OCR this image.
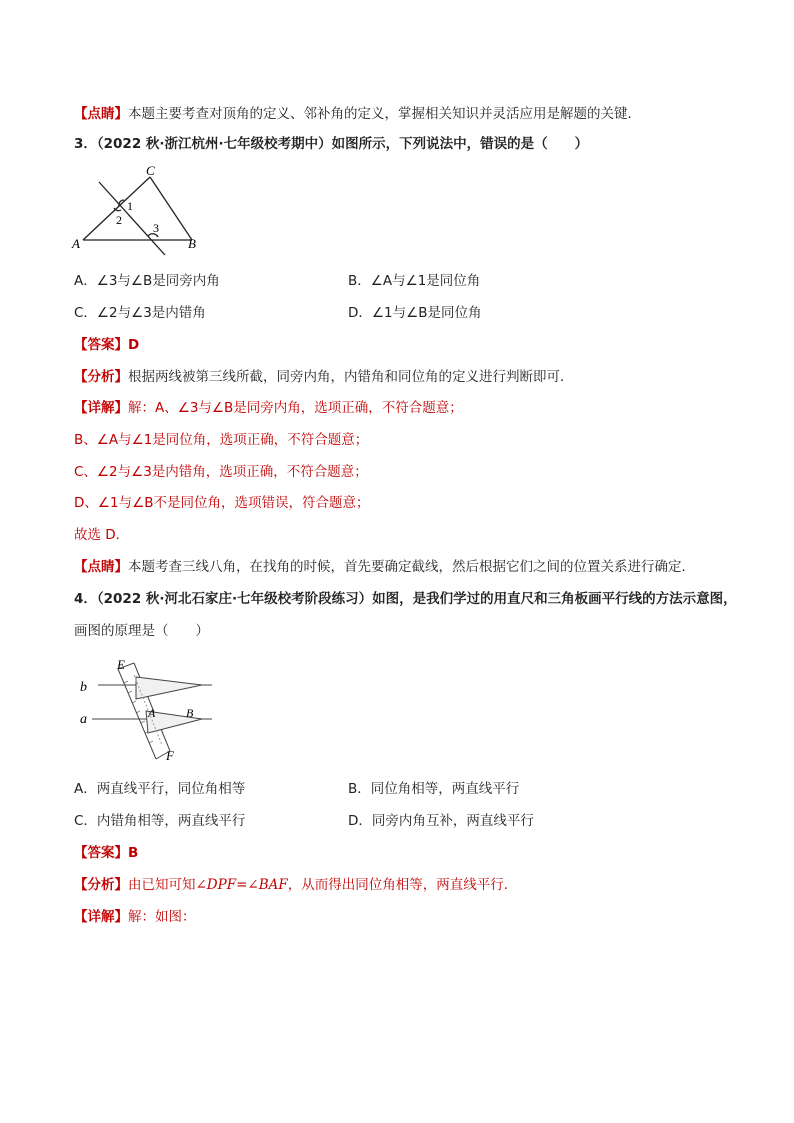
【点睛】本题主要考查对顶角的定义、邻补角的定义，掌握相关知识并灵活应用是解题的关键．
3．（2022 秋·浙江杭州·七年级校考期中）如图所示，下列说法中，错误的是（　　）
C
A	B
1
2
3
A．∠3与∠B是同旁内角	B．∠A与∠1是同位角
C．∠2与∠3是内错角	D．∠1与∠B是同位角
【答案】D
【分析】根据两线被第三线所截，同旁内角，内错角和同位角的定义进行判断即可．
【详解】解：A、∠3与∠B是同旁内角，选项正确，不符合题意；
B、∠A与∠1是同位角，选项正确，不符合题意；
C、∠2与∠3是内错角，选项正确，不符合题意；
D、∠1与∠B不是同位角，选项错误，符合题意；
故选 D．
【点睛】本题考查三线八角，在找角的时候，首先要确定截线，然后根据它们之间的位置关系进行确定．
4．（2022 秋·河北石家庄·七年级校考阶段练习）如图，是我们学过的用直尺和三角板画平行线的方法示意图，
画图的原理是（　　）
E
b
a	A	B
F
A．两直线平行，同位角相等	B．同位角相等，两直线平行
C．内错角相等，两直线平行	D．同旁内角互补，两直线平行
【答案】B
【分析】由已知可知∠DPF=∠BAF，从而得出同位角相等，两直线平行．
【详解】解：如图：
